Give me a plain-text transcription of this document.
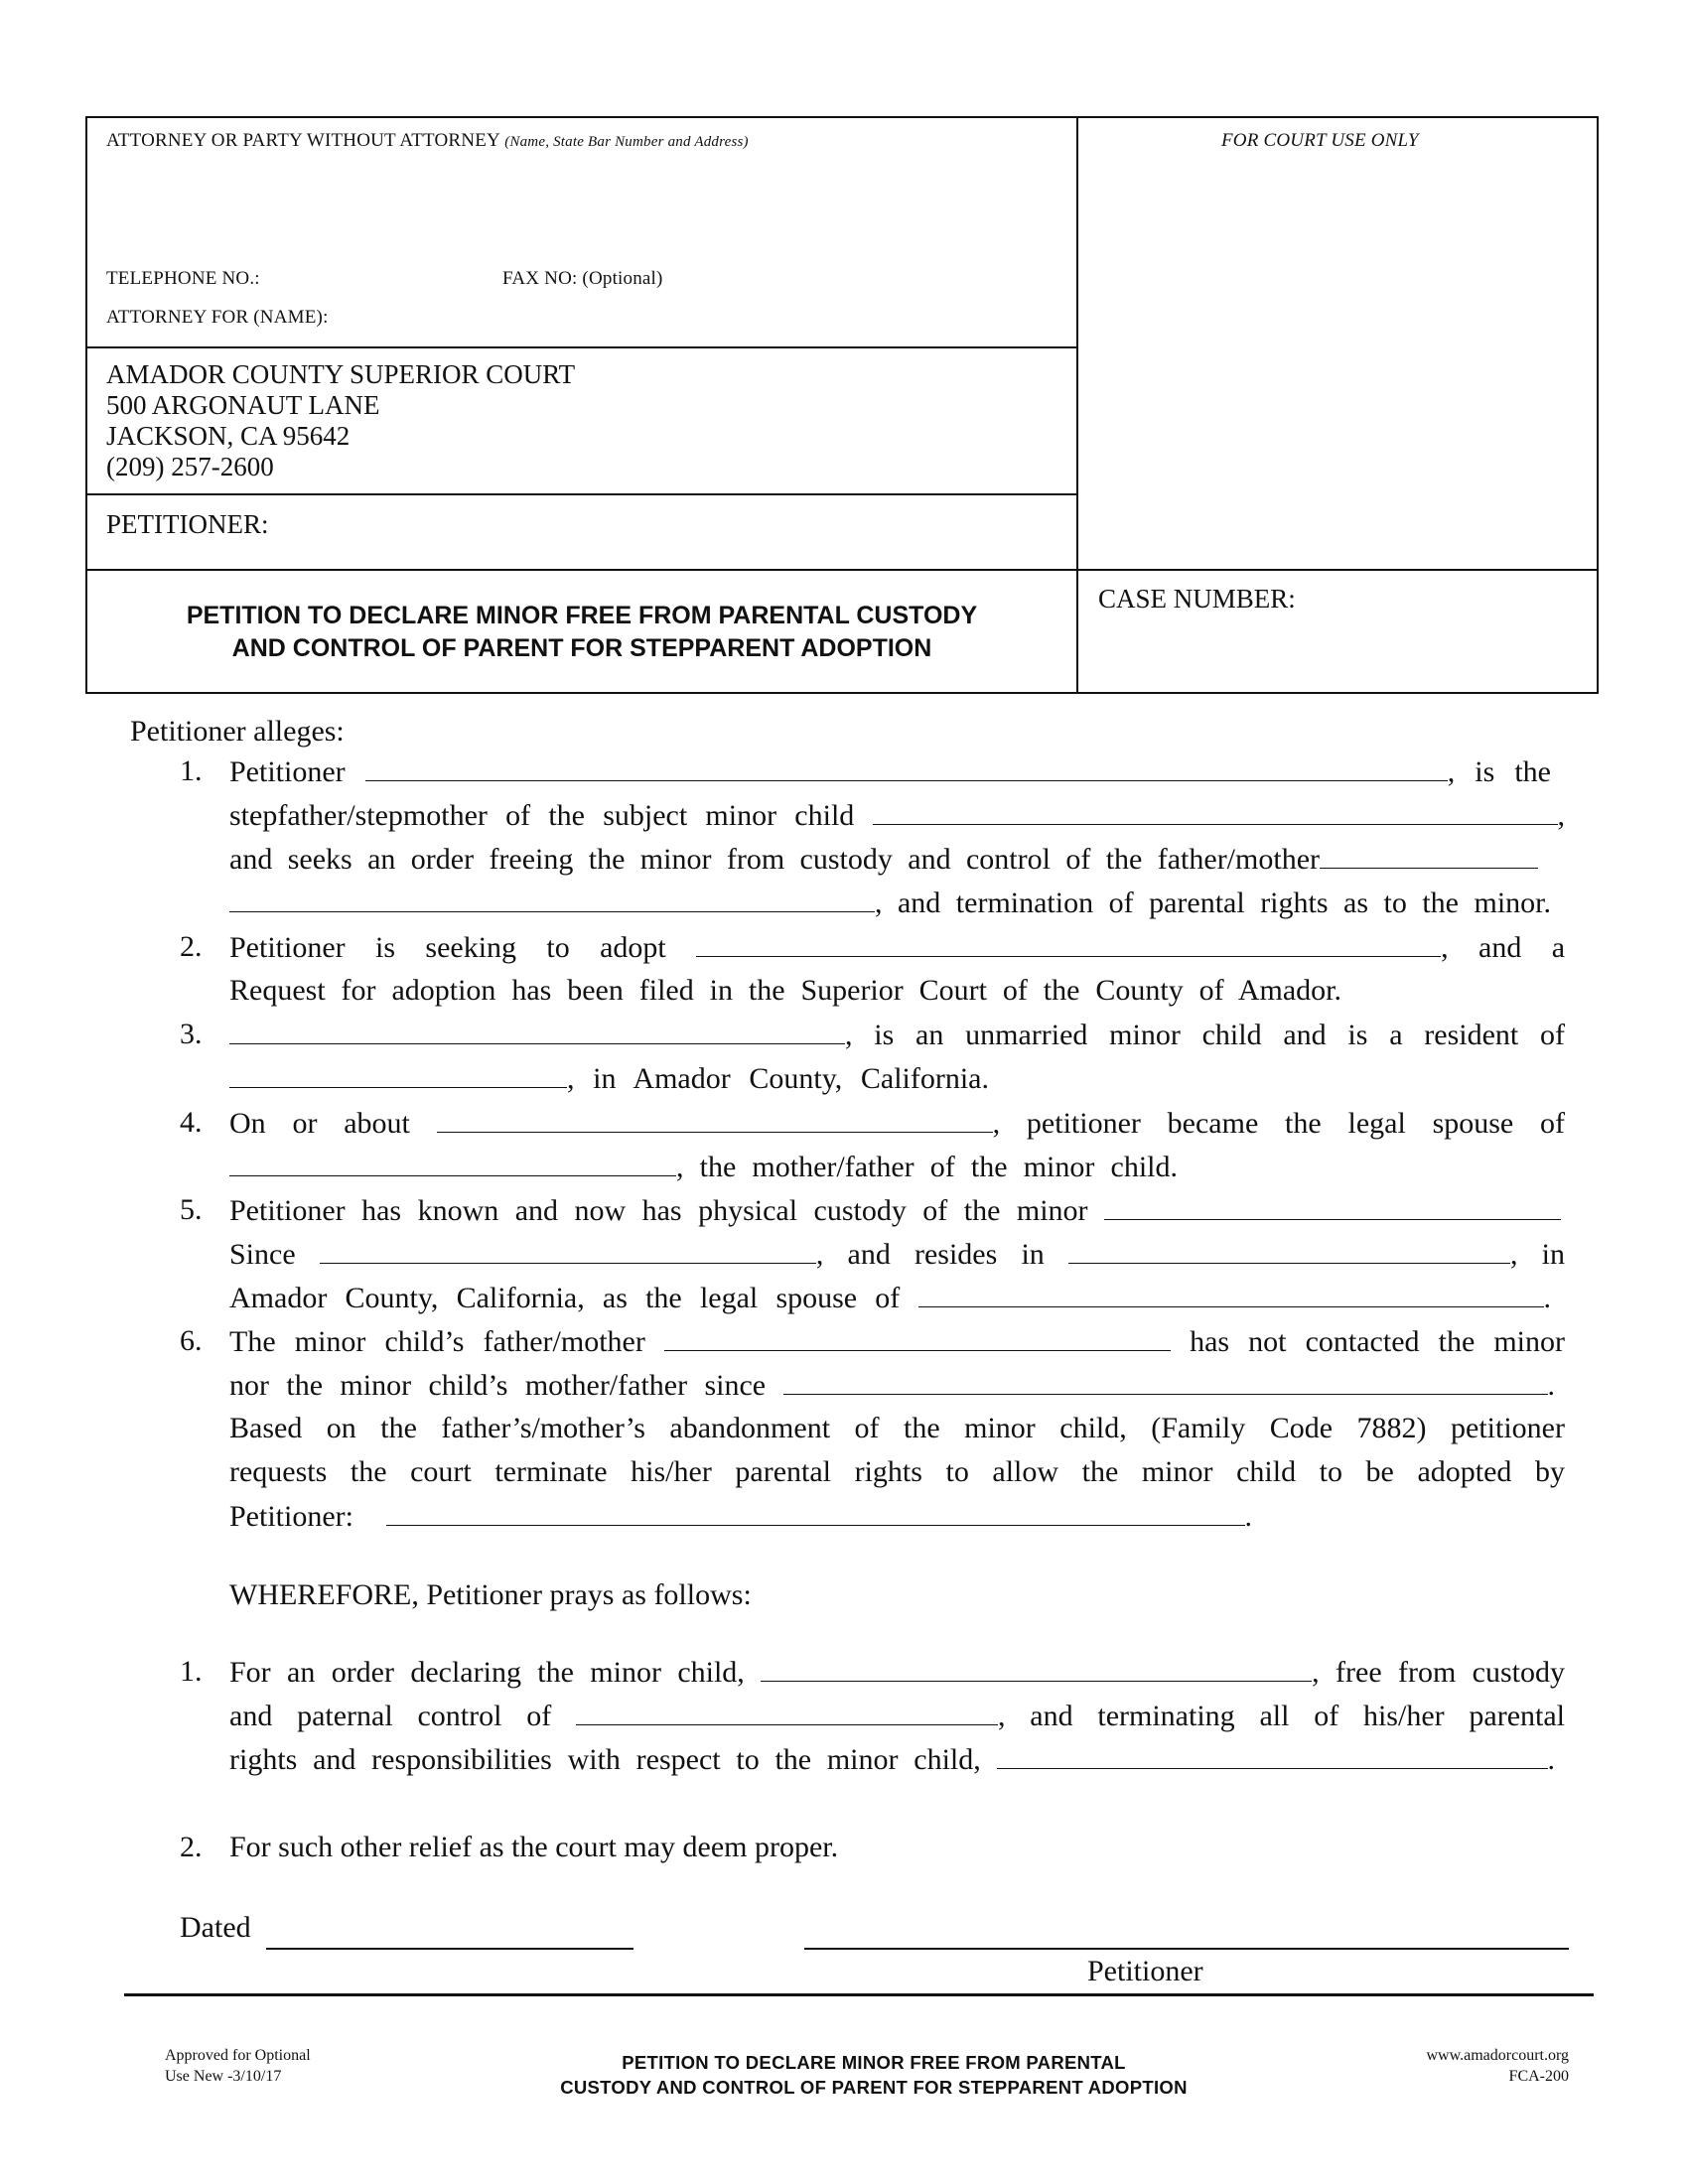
ATTORNEY OR PARTY WITHOUT ATTORNEY (Name, State Bar Number and Address)	FOR COURT USE ONLY
TELEPHONE NO.:	FAX NO: (Optional)
ATTORNEY FOR (NAME):
AMADOR COUNTY SUPERIOR COURT
500 ARGONAUT LANE
JACKSON, CA 95642
(209) 257-2600
PETITIONER:
CASE NUMBER:
PETITION TO DECLARE MINOR FREE FROM PARENTAL CUSTODY
AND CONTROL OF PARENT FOR STEPPARENT ADOPTION
Petitioner alleges:
1. Petitioner	, is the
stepfather/stepmother of the subject minor child	,
and seeks an order freeing the minor from custody and control of the father/mother
, and termination of parental rights as to the minor.
2. Petitioner is seeking to adopt	, and a
Request for adoption has been filed in the Superior Court of the County of Amador.
3.	, is an unmarried minor child and is a resident of
, in Amador County, California.
4. On or about	, petitioner became the legal spouse of
, the mother/father of the minor child.
5. Petitioner has known and now has physical custody of the minor
Since	, and resides in	, in
Amador County, California, as the legal spouse of	.
6. The minor child’s father/mother	has not contacted the minor
nor the minor child’s mother/father since	.
Based on the father’s/mother’s abandonment of the minor child, (Family Code 7882) petitioner
requests the court terminate his/her parental rights to allow the minor child to be adopted by
Petitioner:	.
WHEREFORE, Petitioner prays as follows:
1. For an order declaring the minor child,	, free from custody
and paternal control of	, and terminating all of his/her parental
rights and responsibilities with respect to the minor child,	.
2. For such other relief as the court may deem proper.
Dated
Petitioner
Approved for Optional
Use New -3/10/17
PETITION TO DECLARE MINOR FREE FROM PARENTAL
CUSTODY AND CONTROL OF PARENT FOR STEPPARENT ADOPTION
www.amadorcourt.org
FCA-200
